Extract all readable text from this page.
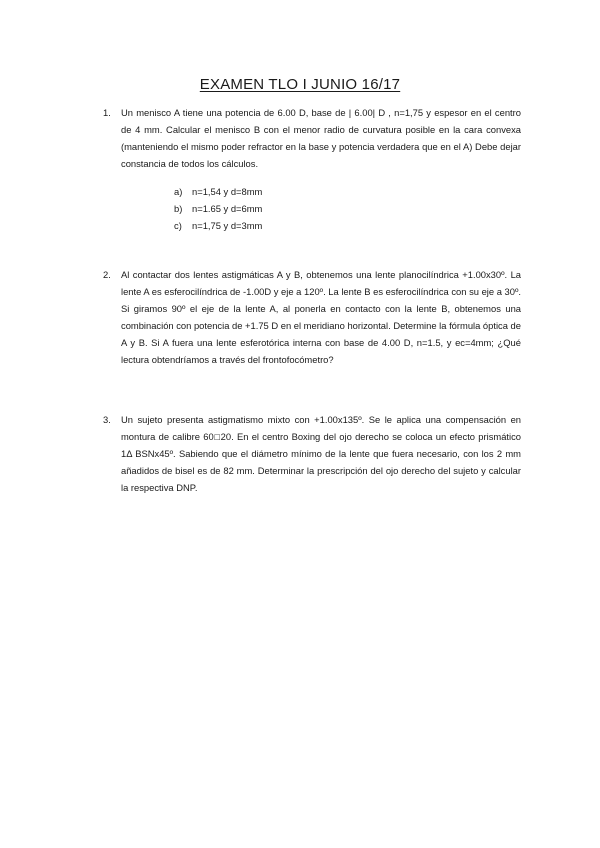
EXAMEN TLO I JUNIO 16/17
1. Un menisco A tiene una potencia de 6.00 D, base de | 6.00| D , n=1,75 y espesor en el centro de 4 mm. Calcular el menisco B con el menor radio de curvatura posible en la cara convexa (manteniendo el mismo poder refractor en la base y potencia verdadera que en el A) Debe dejar constancia de todos los cálculos.
a)	n=1,54 y d=8mm
b)	n=1.65 y d=6mm
c)	n=1,75 y d=3mm
2. Al contactar dos lentes astigmáticas A y B, obtenemos una lente planocilíndrica +1.00x30º. La lente A es esferocilíndrica de -1.00D y eje a 120º. La lente B es esferocilíndrica con su eje a 30º. Si giramos 90º el eje de la lente A, al ponerla en contacto con la lente B, obtenemos una combinación con potencia de +1.75 D en el meridiano horizontal. Determine la fórmula óptica de A y B. Si A fuera una lente esferotórica interna con base de 4.00 D, n=1.5, y ec=4mm; ¿Qué lectura obtendríamos a través del frontofocómetro?
3. Un sujeto presenta astigmatismo mixto con +1.00x135º. Se le aplica una compensación en montura de calibre 60□20. En el centro Boxing del ojo derecho se coloca un efecto prismático 1Δ BSNx45º. Sabiendo que el diámetro mínimo de la lente que fuera necesario, con los 2 mm añadidos de bisel es de 82 mm. Determinar la prescripción del ojo derecho del sujeto y calcular la respectiva DNP.
